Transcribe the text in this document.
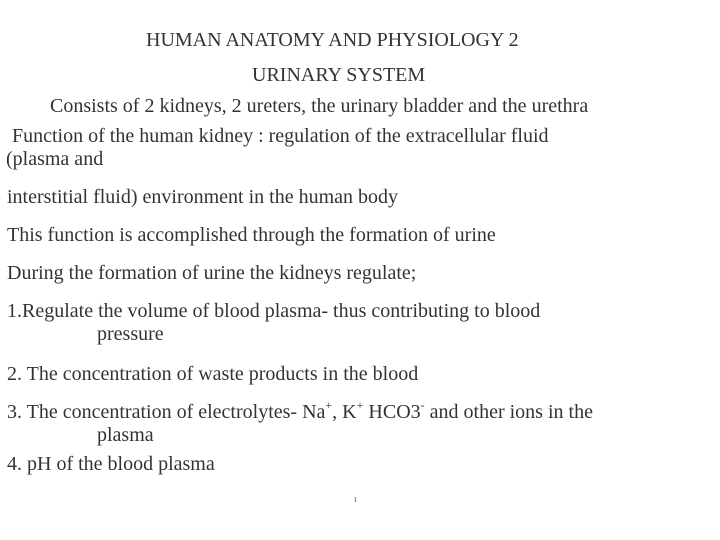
HUMAN ANATOMY AND PHYSIOLOGY 2
URINARY SYSTEM
Consists of 2 kidneys, 2 ureters, the urinary bladder and the urethra
Function of the human kidney : regulation of the extracellular fluid
(plasma and
interstitial fluid) environment in the human body
This function is accomplished through the formation of urine
During the formation of urine the kidneys regulate;
1.Regulate the volume of blood plasma- thus contributing to blood
pressure
2. The concentration of waste products in the blood
3. The concentration of electrolytes- Na+, K+ HCO3- and other ions in the
plasma
4. pH of the blood plasma
ι
